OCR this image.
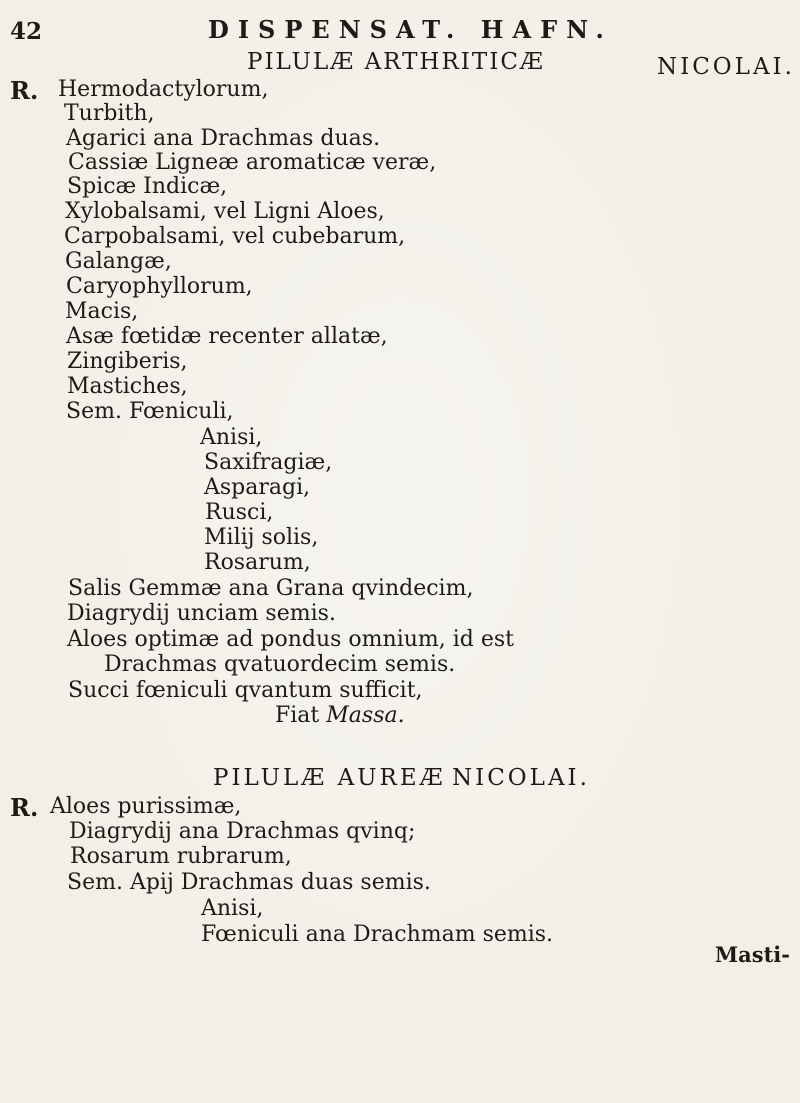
42	DISPENSAT. HAFN.
PILULÆ ARTHRITICÆ	NICOLAI.
R. Hermodactylorum,
Turbith,
Agarici ana Drachmas duas.
Cassiæ Ligneæ aromaticæ veræ,
Spicæ Indicæ,
Xylobalsami, vel Ligni Aloes,
Carpobalsami, vel cubebarum,
Galangæ,
Caryophyllorum,
Macis,
Asæ fœtidæ recenter allatæ,
Zingiberis,
Mastiches,
Sem. Fœniculi,
Anisi,
Saxifragiæ,
Asparagi,
Rusci,
Milij solis,
Rosarum,
Salis Gemmæ ana Grana qvindecim,
Diagrydij unciam semis.
Aloes optimæ ad pondus omnium, id est
Drachmas qvatuordecim semis.
Succi fœniculi qvantum sufficit,
Fiat Massa.
PILULÆ AUREÆ NICOLAI.
R. Aloes purissimæ,
Diagrydij ana Drachmas qvinq;
Rosarum rubrarum,
Sem. Apij Drachmas duas semis.
Anisi,
Fœniculi ana Drachmam semis.
Masti-
